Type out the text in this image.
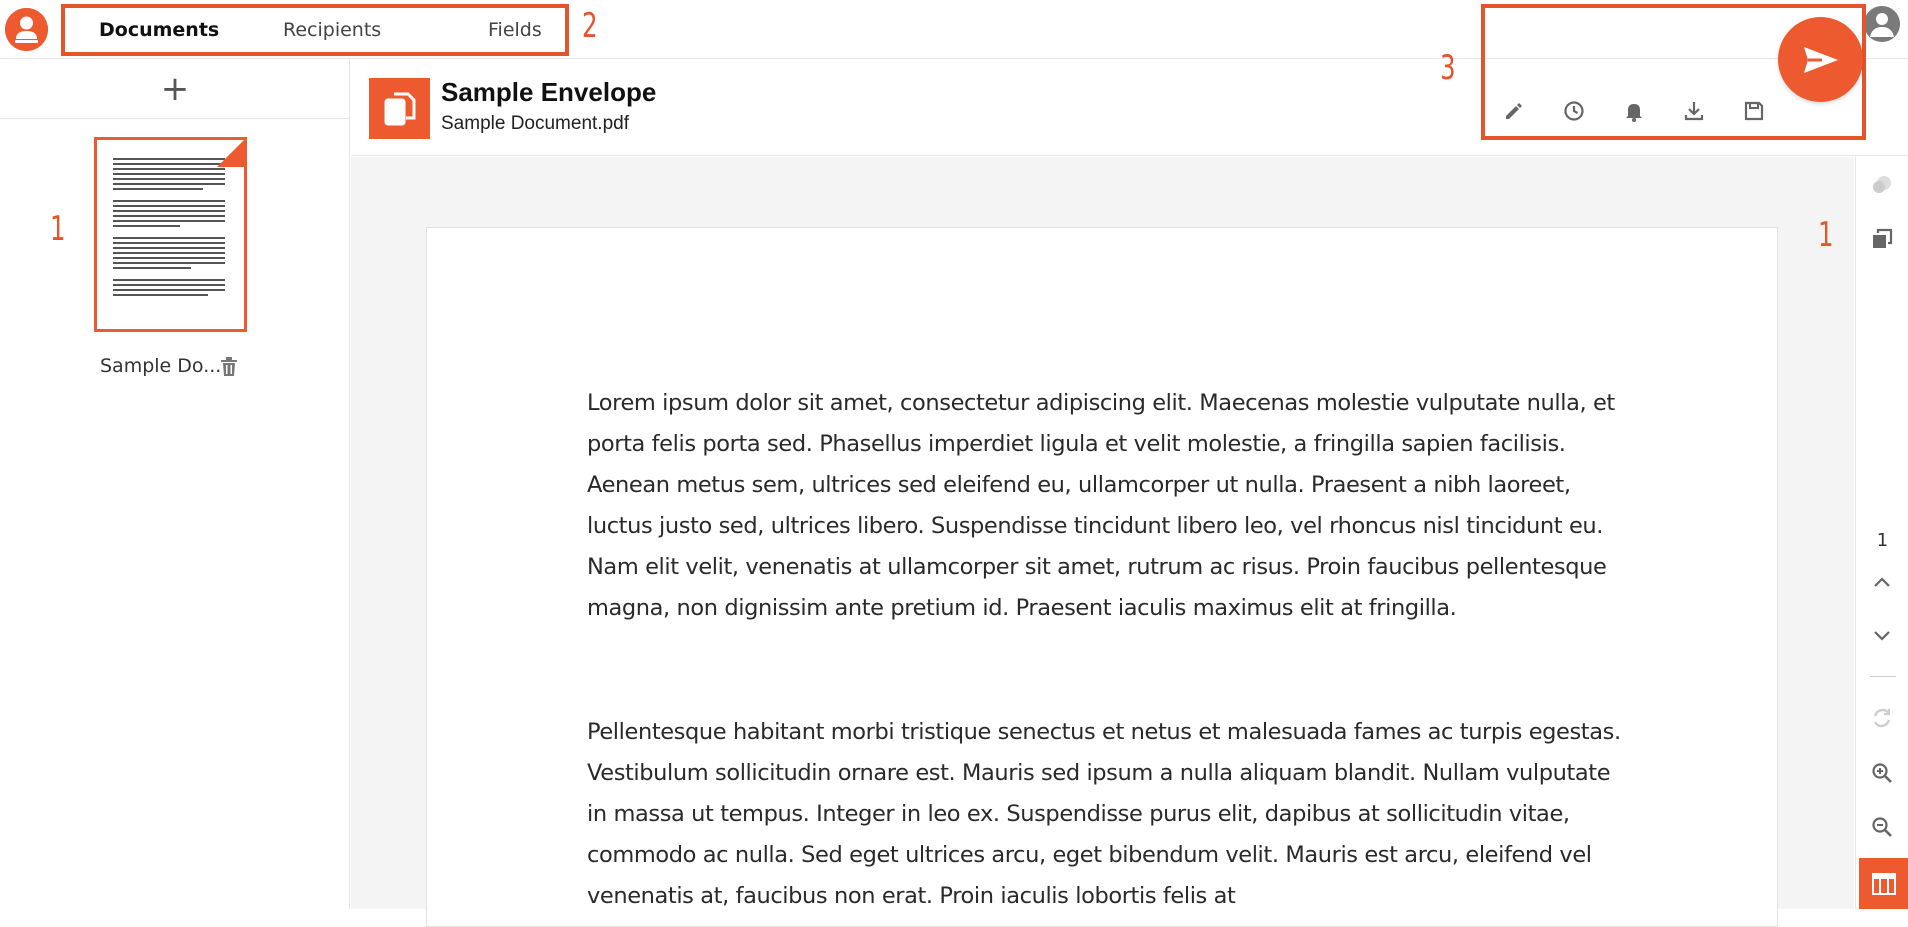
Documents	Recipients	Fields 2
+
1
Sample Do...
Sample Envelope
Sample Document.pdf
3
Lorem ipsum dolor sit amet, consectetur adipiscing elit. Maecenas molestie vulputate nulla, et porta felis porta sed. Phasellus imperdiet ligula et velit molestie, a fringilla sapien facilisis. Aenean metus sem, ultrices sed eleifend eu, ullamcorper ut nulla. Praesent a nibh laoreet, luctus justo sed, ultrices libero. Suspendisse tincidunt libero leo, vel rhoncus nisl tincidunt eu. Nam elit velit, venenatis at ullamcorper sit amet, rutrum ac risus. Proin faucibus pellentesque magna, non dignissim ante pretium id. Praesent iaculis maximus elit at fringilla.
Pellentesque habitant morbi tristique senectus et netus et malesuada fames ac turpis egestas. Vestibulum sollicitudin ornare est. Mauris sed ipsum a nulla aliquam blandit. Nullam vulputate in massa ut tempus. Integer in leo ex. Suspendisse purus elit, dapibus at sollicitudin vitae, commodo ac nulla. Sed eget ultrices arcu, eget bibendum velit. Mauris est arcu, eleifend vel venenatis at, faucibus non erat. Proin iaculis lobortis felis at
1
1
